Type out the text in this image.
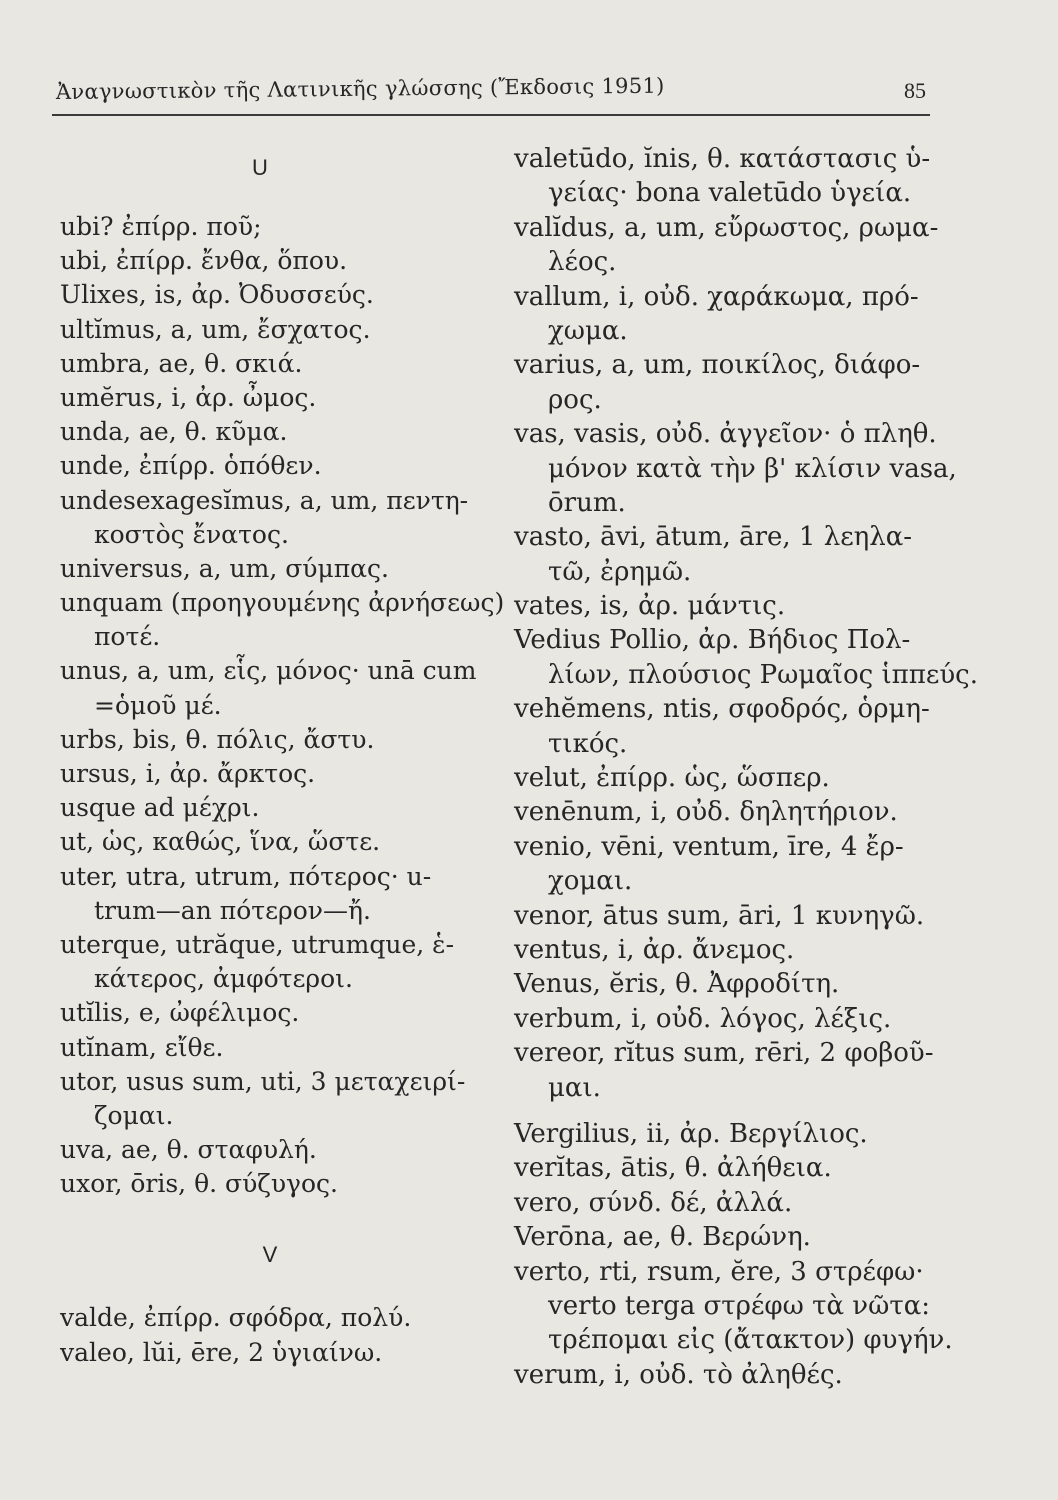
Ἀναγνωστικὸν τῆς Λατινικῆς γλώσσης (Ἔκδοσις 1951)	85
U
ubi? ἐπίρρ. ποῦ;
ubi, ἐπίρρ. ἔνθα, ὅπου.
Ulixes, is, ἀρ. Ὀδυσσεύς.
ultĭmus, a, um, ἔσχατος.
umbra, ae, θ. σκιά.
umĕrus, i, ἀρ. ὦμος.
unda, ae, θ. κῦμα.
unde, ἐπίρρ. ὁπόθεν.
undesexagesĭmus, a, um, πεντη-
κοστὸς ἔνατος.
universus, a, um, σύμπας.
unquam (προηγουμένης ἀρνήσεως)
ποτέ.
unus, a, um, εἷς, μόνος· unā cum
=ὁμοῦ μέ.
urbs, bis, θ. πόλις, ἄστυ.
ursus, i, ἀρ. ἄρκτος.
usque ad μέχρι.
ut, ὡς, καθώς, ἵνα, ὥστε.
uter, utra, utrum, πότερος· u-
trum—an πότερον—ἤ.
uterque, utrăque, utrumque, ἑ-
κάτερος, ἀμφότεροι.
utĭlis, e, ὠφέλιμος.
utĭnam, εἴθε.
utor, usus sum, uti, 3 μεταχειρί-
ζομαι.
uva, ae, θ. σταφυλή.
uxor, ōris, θ. σύζυγος.
V
valde, ἐπίρρ. σφόδρα, πολύ.
valeo, lŭi, ēre, 2 ὑγιαίνω.
valetūdo, ĭnis, θ. κατάστασις ὑ-
γείας· bona valetūdo ὑγεία.
valĭdus, a, um, εὔρωστος, ρωμα-
λέος.
vallum, i, οὐδ. χαράκωμα, πρό-
χωμα.
varius, a, um, ποικίλος, διάφο-
ρος.
vas, vasis, οὐδ. ἀγγεῖον· ὁ πληθ.
μόνον κατὰ τὴν β' κλίσιν vasa,
ōrum.
vasto, āvi, ātum, āre, 1 λεηλα-
τῶ, ἐρημῶ.
vates, is, ἀρ. μάντις.
Vedius Pollio, ἀρ. Βήδιος Πολ-
λίων, πλούσιος Ρωμαῖος ἱππεύς.
vehĕmens, ntis, σφοδρός, ὁρμη-
τικός.
velut, ἐπίρρ. ὡς, ὥσπερ.
venēnum, i, οὐδ. δηλητήριον.
venio, vēni, ventum, īre, 4 ἔρ-
χομαι.
venor, ātus sum, āri, 1 κυνηγῶ.
ventus, i, ἀρ. ἄνεμος.
Venus, ĕris, θ. Ἀφροδίτη.
verbum, i, οὐδ. λόγος, λέξις.
vereor, rĭtus sum, rēri, 2 φοβοῦ-
μαι.
Vergilius, ii, ἀρ. Βεργίλιος.
verĭtas, ātis, θ. ἀλήθεια.
vero, σύνδ. δέ, ἀλλά.
Verōna, ae, θ. Βερώνη.
verto, rti, rsum, ĕre, 3 στρέφω·
verto terga στρέφω τὰ νῶτα:
τρέπομαι εἰς (ἄτακτον) φυγήν.
verum, i, οὐδ. τὸ ἀληθές.
